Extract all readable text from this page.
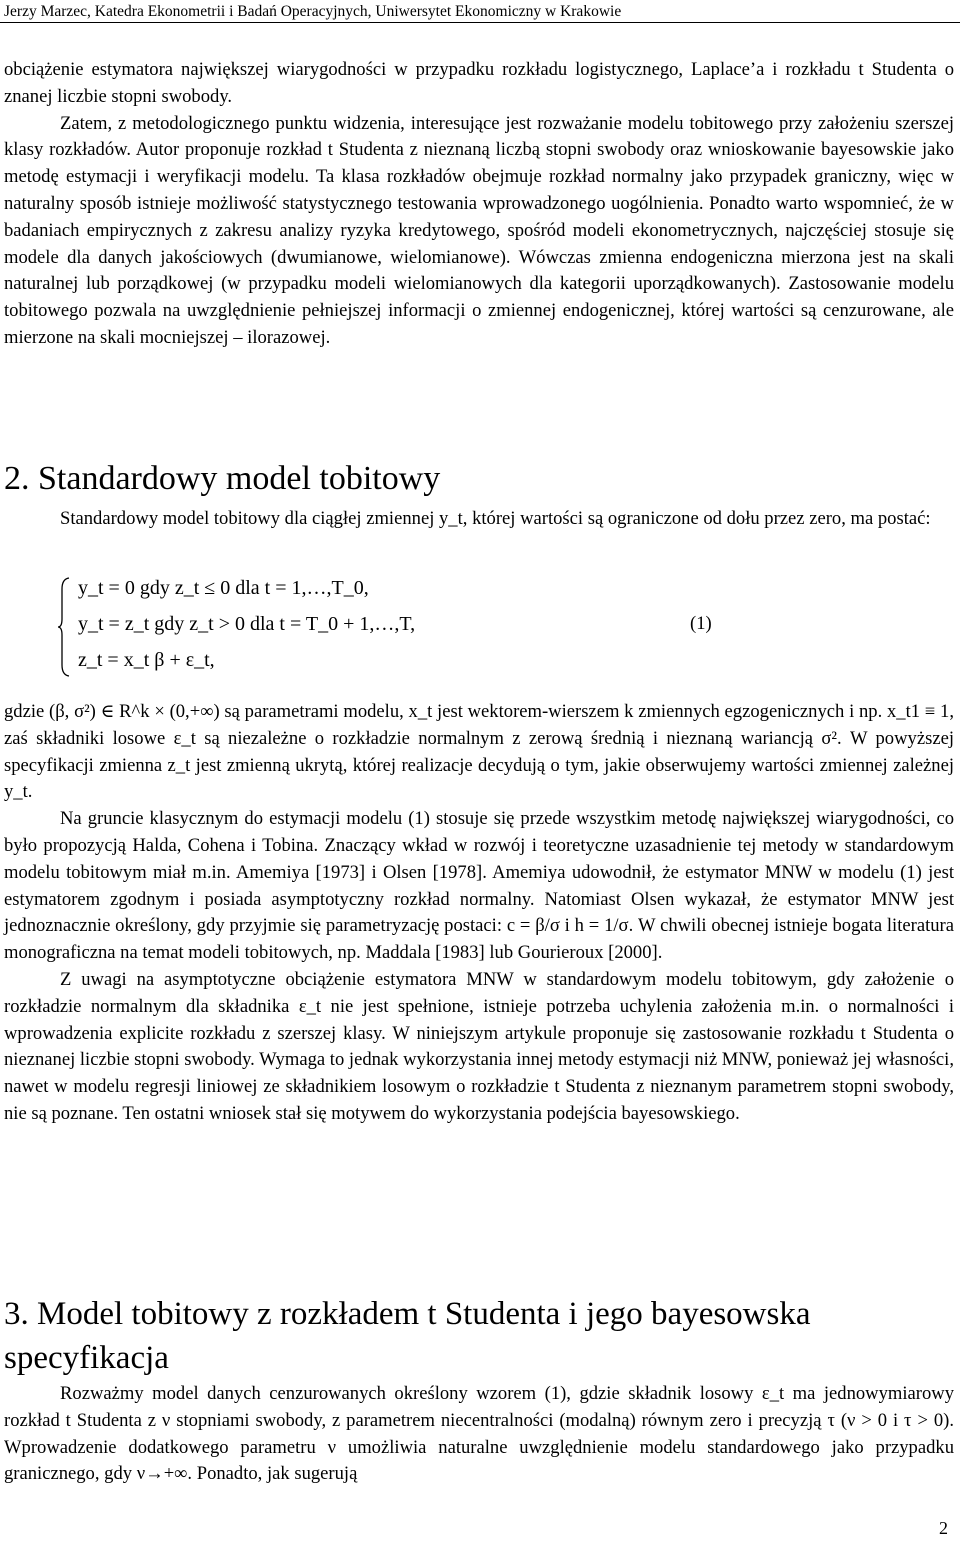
Jerzy Marzec, Katedra Ekonometrii i Badań Operacyjnych, Uniwersytet Ekonomiczny w Krakowie

obciążenie estymatora największej wiarygodności w przypadku rozkładu logistycznego, Laplace’a i rozkładu t Studenta o znanej liczbie stopni swobody.

Zatem, z metodologicznego punktu widzenia, interesujące jest rozważanie modelu tobitowego przy założeniu szerszej klasy rozkładów. Autor proponuje rozkład t Studenta z nieznaną liczbą stopni swobody oraz wnioskowanie bayesowskie jako metodę estymacji i weryfikacji modelu. Ta klasa rozkładów obejmuje rozkład normalny jako przypadek graniczny, więc w naturalny sposób istnieje możliwość statystycznego testowania wprowadzonego uogólnienia. Ponadto warto wspomnieć, że w badaniach empirycznych z zakresu analizy ryzyka kredytowego, spośród modeli ekonometrycznych, najczęściej stosuje się modele dla danych jakościowych (dwumianowe, wielomianowe). Wówczas zmienna endogeniczna mierzona jest na skali naturalnej lub porządkowej (w przypadku modeli wielomianowych dla kategorii uporządkowanych). Zastosowanie modelu tobitowego pozwala na uwzględnienie pełniejszej informacji o zmiennej endogenicznej, której wartości są cenzurowane, ale mierzone na skali mocniejszej – ilorazowej.

2. Standardowy model tobitowy

Standardowy model tobitowy dla ciągłej zmiennej y_t, której wartości są ograniczone od dołu przez zero, ma postać:

y_t = 0 gdy z_t ≤ 0 dla t = 1,…,T_0,
y_t = z_t gdy z_t > 0 dla t = T_0 + 1,…,T,
z_t = x_t β + ε_t,
(1)

gdzie (β, σ²) ∈ R^k × (0,+∞) są parametrami modelu, x_t jest wektorem-wierszem k zmiennych egzogenicznych i np. x_t1 ≡ 1, zaś składniki losowe ε_t są niezależne o rozkładzie normalnym z zerową średnią i nieznaną wariancją σ². W powyższej specyfikacji zmienna z_t jest zmienną ukrytą, której realizacje decydują o tym, jakie obserwujemy wartości zmiennej zależnej y_t.

Na gruncie klasycznym do estymacji modelu (1) stosuje się przede wszystkim metodę największej wiarygodności, co było propozycją Halda, Cohena i Tobina. Znaczący wkład w rozwój i teoretyczne uzasadnienie tej metody w standardowym modelu tobitowym miał m.in. Amemiya [1973] i Olsen [1978]. Amemiya udowodnił, że estymator MNW w modelu (1) jest estymatorem zgodnym i posiada asymptotyczny rozkład normalny. Natomiast Olsen wykazał, że estymator MNW jest jednoznacznie określony, gdy przyjmie się parametryzację postaci: c = β/σ i h = 1/σ. W chwili obecnej istnieje bogata literatura monograficzna na temat modeli tobitowych, np. Maddala [1983] lub Gourieroux [2000].

Z uwagi na asymptotyczne obciążenie estymatora MNW w standardowym modelu tobitowym, gdy założenie o rozkładzie normalnym dla składnika ε_t nie jest spełnione, istnieje potrzeba uchylenia założenia m.in. o normalności i wprowadzenia explicite rozkładu z szerszej klasy. W niniejszym artykule proponuje się zastosowanie rozkładu t Studenta o nieznanej liczbie stopni swobody. Wymaga to jednak wykorzystania innej metody estymacji niż MNW, ponieważ jej własności, nawet w modelu regresji liniowej ze składnikiem losowym o rozkładzie t Studenta z nieznanym parametrem stopni swobody, nie są poznane. Ten ostatni wniosek stał się motywem do wykorzystania podejścia bayesowskiego.

3. Model tobitowy z rozkładem t Studenta i jego bayesowska specyfikacja

Rozważmy model danych cenzurowanych określony wzorem (1), gdzie składnik losowy ε_t ma jednowymiarowy rozkład t Studenta z ν stopniami swobody, z parametrem niecentralności (modalną) równym zero i precyzją τ (ν > 0 i τ > 0). Wprowadzenie dodatkowego parametru ν umożliwia naturalne uwzględnienie modelu standardowego jako przypadku granicznego, gdy ν→+∞. Ponadto, jak sugerują

2
